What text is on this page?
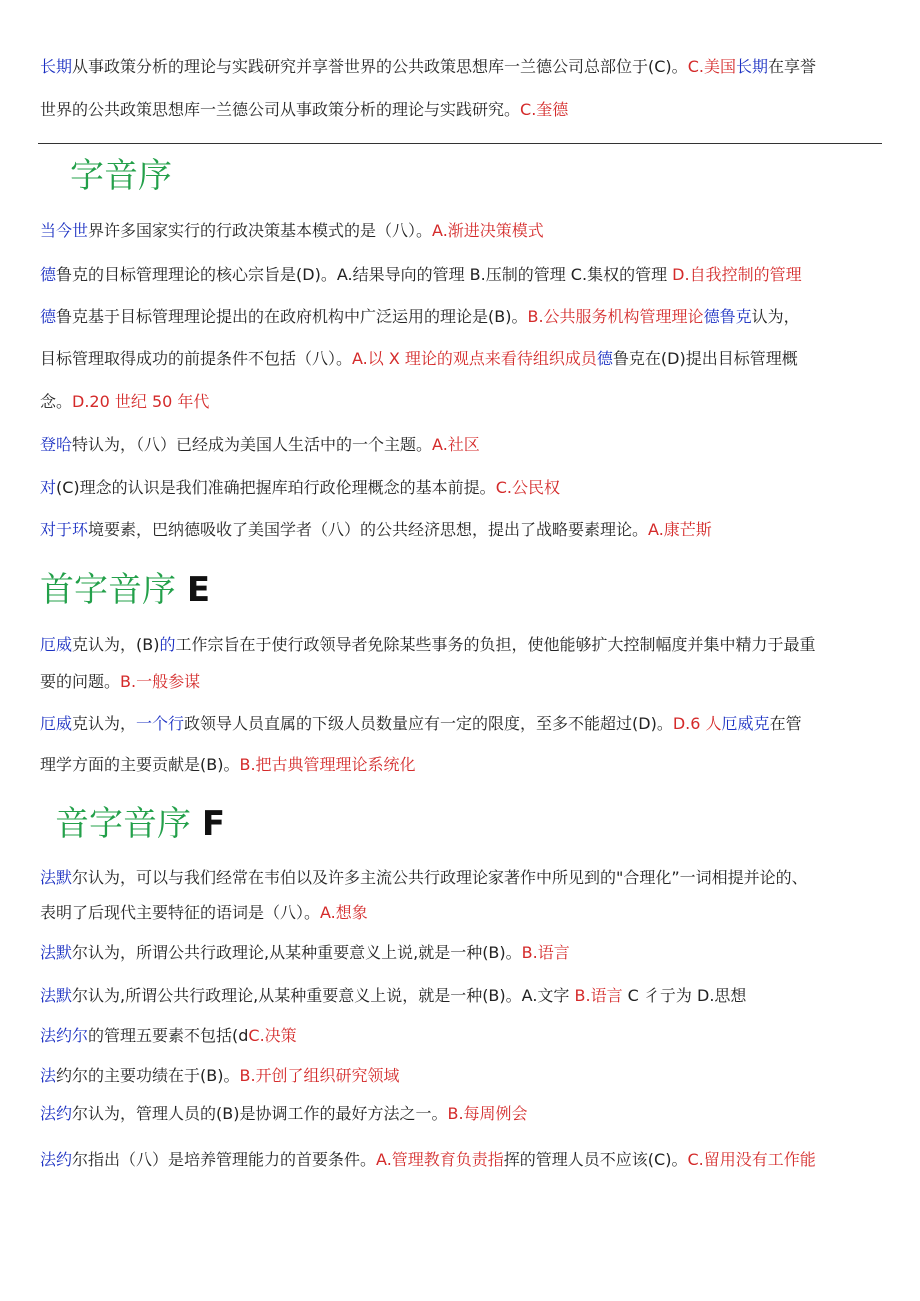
长期从事政策分析的理论与实践研究并享誉世界的公共政策思想库一兰德公司总部位于(C)。C.美国长期在享誉
世界的公共政策思想库一兰德公司从事政策分析的理论与实践研究。C.奎德
字音序
当今世界许多国家实行的行政决策基本模式的是（八）。A.渐进决策模式
德鲁克的目标管理理论的核心宗旨是(D)。A.结果导向的管理 B.压制的管理 C.集权的管理 D.自我控制的管理
德鲁克基于目标管理理论提出的在政府机构中广泛运用的理论是(B)。B.公共服务机构管理理论德鲁克认为，
目标管理取得成功的前提条件不包括（八）。A.以 X 理论的观点来看待组织成员德鲁克在(D)提出目标管理概
念。D.20 世纪 50 年代
登哈特认为，（八）已经成为美国人生活中的一个主题。A.社区
对(C)理念的认识是我们准确把握库珀行政伦理概念的基本前提。C.公民权
对于环境要素，巴纳德吸收了美国学者（八）的公共经济思想，提出了战略要素理论。A.康芒斯
首字音序 E
厄威克认为，(B)的工作宗旨在于使行政领导者免除某些事务的负担，使他能够扩大控制幅度并集中精力于最重
要的问题。B.一般参谋
厄威克认为，一个行政领导人员直属的下级人员数量应有一定的限度，至多不能超过(D)。D.6 人厄威克在管
理学方面的主要贡献是(B)。B.把古典管理理论系统化
音字音序 F
法默尔认为，可以与我们经常在韦伯以及许多主流公共行政理论家著作中所见到的"合理化”一词相提并论的、
表明了后现代主要特征的语词是（八）。A.想象
法默尔认为，所谓公共行政理论,从某种重要意义上说,就是一种(B)。B.语言
法默尔认为,所谓公共行政理论,从某种重要意义上说，就是一种(B)。A.文字 B.语言 C 彳亍为 D.思想
法约尔的管理五要素不包括(dC.决策
法约尔的主要功绩在于(B)。B.开创了组织研究领域
法约尔认为，管理人员的(B)是协调工作的最好方法之一。B.每周例会
法约尔指出（八）是培养管理能力的首要条件。A.管理教育负责指挥的管理人员不应该(C)。C.留用没有工作能
